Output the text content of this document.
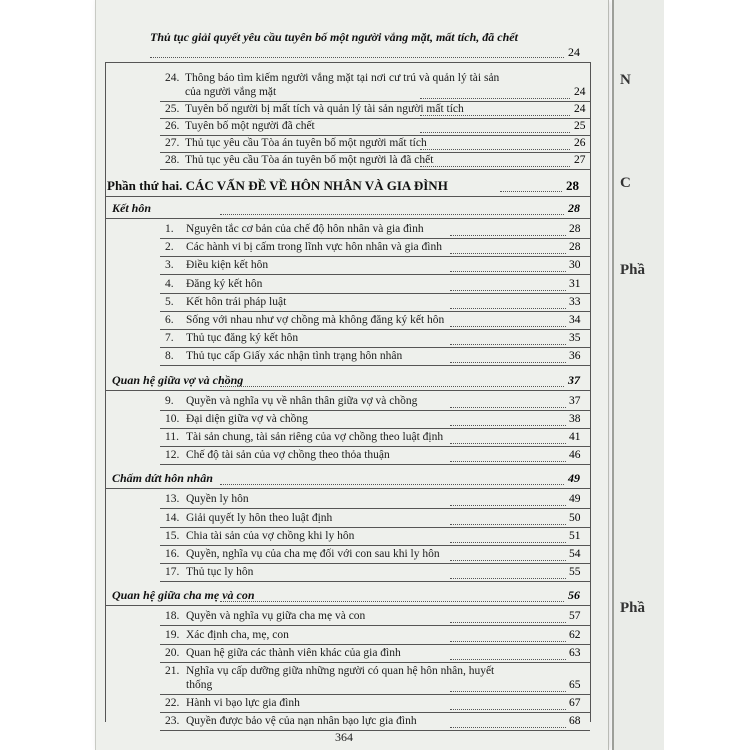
N
C
Phầ
Phầ
Thủ tục giải quyết yêu cầu tuyên bố một người vắng mặt, mất tích, đã chết
24
24. Thông báo tìm kiếm người vắng mặt tại nơi cư trú và quản lý tài sản
của người vắng mặt	24
25. Tuyên bố người bị mất tích và quản lý tài sản người mất tích	24
26. Tuyên bố một người đã chết	25
27. Thủ tục yêu cầu Tòa án tuyên bố một người mất tích	26
28. Thủ tục yêu cầu Tòa án tuyên bố một người là đã chết	27
Phần thứ hai. CÁC VẤN ĐỀ VỀ HÔN NHÂN VÀ GIA ĐÌNH	28
Kết hôn	28
1. Nguyên tắc cơ bản của chế độ hôn nhân và gia đình	28
2. Các hành vi bị cấm trong lĩnh vực hôn nhân và gia đình	28
3. Điều kiện kết hôn	30
4. Đăng ký kết hôn	31
5. Kết hôn trái pháp luật	33
6. Sống với nhau như vợ chồng mà không đăng ký kết hôn	34
7. Thủ tục đăng ký kết hôn	35
8. Thủ tục cấp Giấy xác nhận tình trạng hôn nhân	36
Quan hệ giữa vợ và chồng	37
9. Quyền và nghĩa vụ về nhân thân giữa vợ và chồng	37
10. Đại diện giữa vợ và chồng	38
11. Tài sản chung, tài sản riêng của vợ chồng theo luật định	41
12. Chế độ tài sản của vợ chồng theo thỏa thuận	46
Chấm dứt hôn nhân	49
13. Quyền ly hôn	49
14. Giải quyết ly hôn theo luật định	50
15. Chia tài sản của vợ chồng khi ly hôn	51
16. Quyền, nghĩa vụ của cha mẹ đối với con sau khi ly hôn	54
17. Thủ tục ly hôn	55
Quan hệ giữa cha mẹ và con	56
18. Quyền và nghĩa vụ giữa cha mẹ và con	57
19. Xác định cha, mẹ, con	62
20. Quan hệ giữa các thành viên khác của gia đình	63
21. Nghĩa vụ cấp dưỡng giữa những người có quan hệ hôn nhân, huyết
thống	65
22. Hành vi bạo lực gia đình	67
23. Quyền được bảo vệ của nạn nhân bạo lực gia đình	68
364
